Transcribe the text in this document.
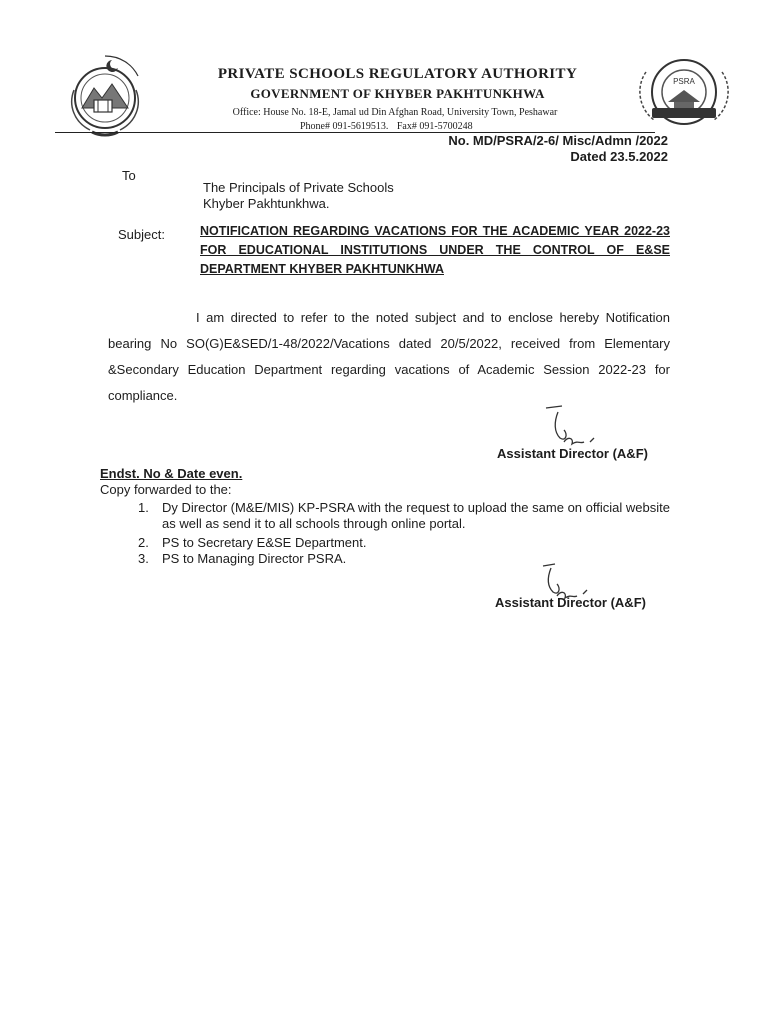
PRIVATE SCHOOLS REGULATORY AUTHORITY
GOVERNMENT OF KHYBER PAKHTUNKHWA
Office: House No. 18-E, Jamal ud Din Afghan Road, University Town, Peshawar
Phone# 091-5619513. Fax# 091-5700248
PSRA
No. MD/PSRA/2-6/ Misc/Admn /2022
Dated 23.5.2022
To
The Principals of Private Schools
Khyber Pakhtunkhwa.
Subject:	NOTIFICATION REGARDING VACATIONS FOR THE ACADEMIC YEAR 2022-23 FOR EDUCATIONAL INSTITUTIONS UNDER THE CONTROL OF E&SE DEPARTMENT KHYBER PAKHTUNKHWA

I am directed to refer to the noted subject and to enclose hereby Notification bearing No SO(G)E&SED/1-48/2022/Vacations dated 20/5/2022, received from Elementary &Secondary Education Department regarding vacations of Academic Session 2022-23 for compliance.

Assistant Director (A&F)
Endst. No & Date even.
Copy forwarded to the:
1. Dy Director (M&E/MIS) KP-PSRA with the request to upload the same on official website as well as send it to all schools through online portal.
2. PS to Secretary E&SE Department.
3. PS to Managing Director PSRA.
Assistant Director (A&F)
